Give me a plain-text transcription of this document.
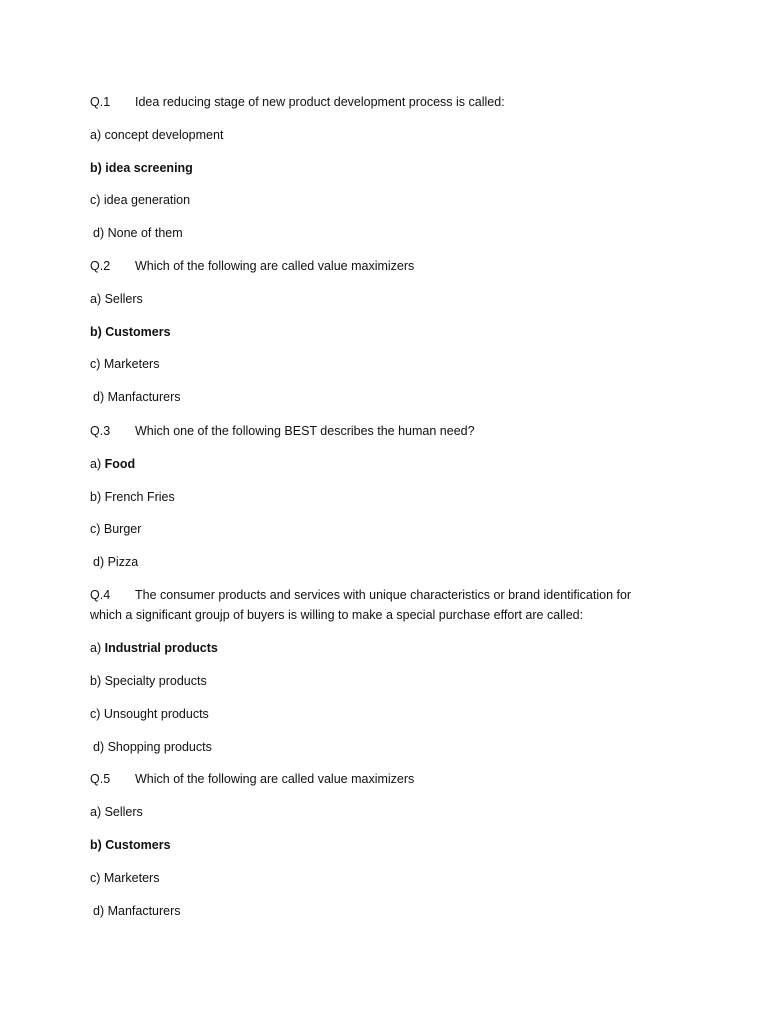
Q.1 Idea reducing stage of new product development process is called:
a) concept development
b) idea screening
c) idea generation
d) None of them
Q.2 Which of the following are called value maximizers
a) Sellers
b) Customers
c) Marketers
d) Manfacturers
Q.3 Which one of the following BEST describes the human need?
a) Food
b) French Fries
c) Burger
d) Pizza
Q.4 The consumer products and services with unique characteristics or brand identification for
which a significant groujp of buyers is willing to make a special purchase effort are called:
a) Industrial products
b) Specialty products
c) Unsought products
d) Shopping products
Q.5 Which of the following are called value maximizers
a) Sellers
b) Customers
c) Marketers
d) Manfacturers
